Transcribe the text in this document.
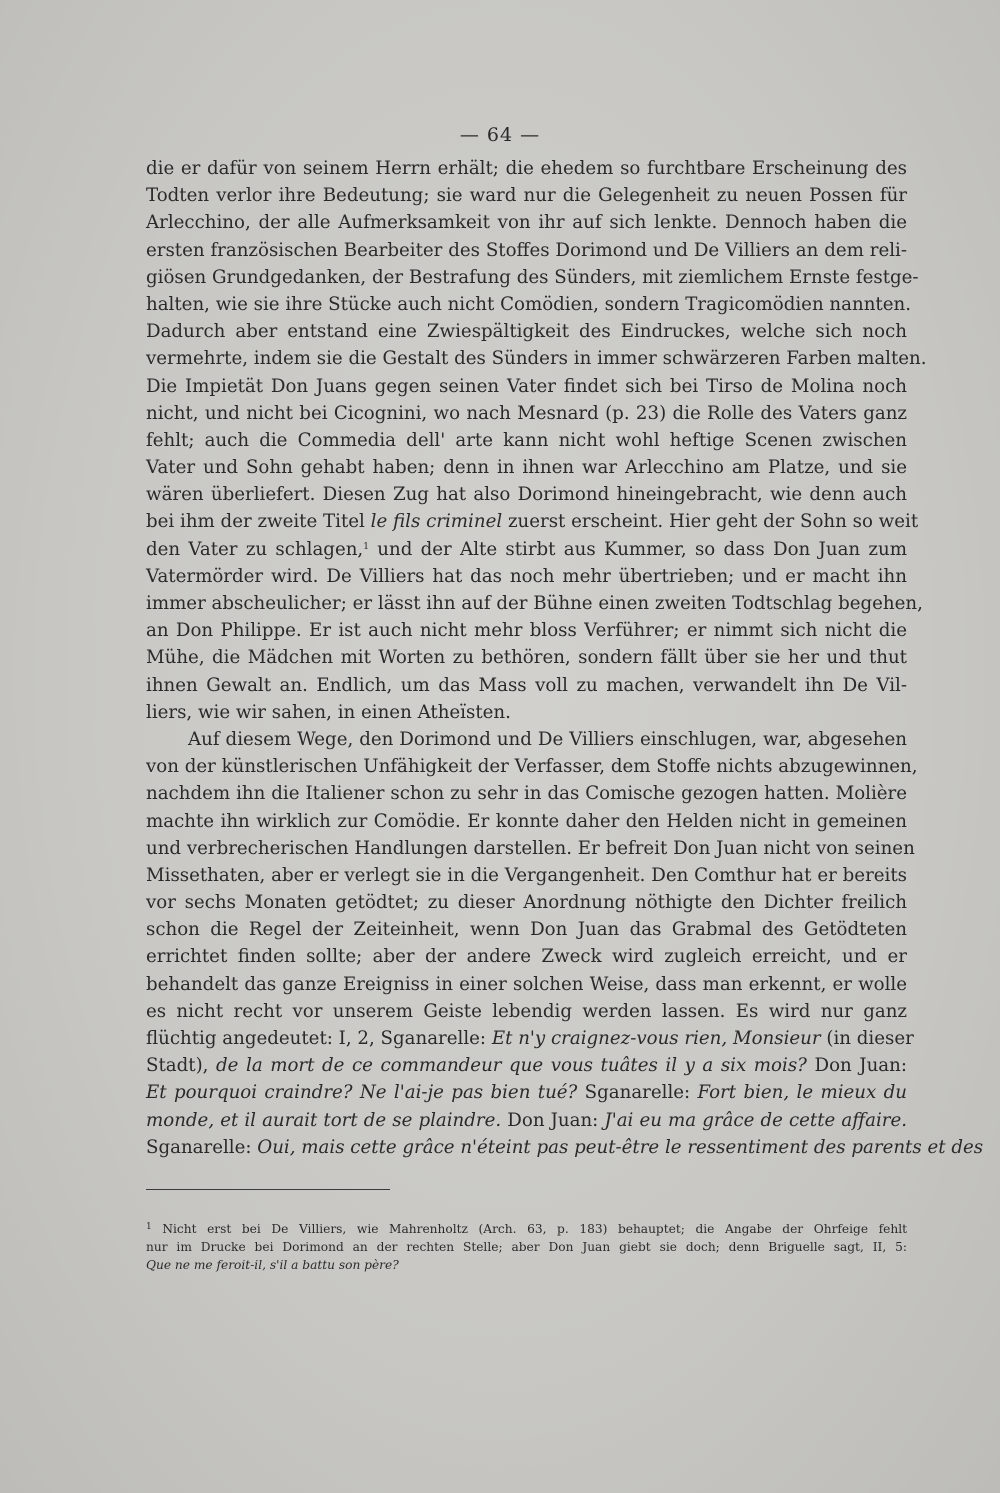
— 64 —
die er dafür von seinem Herrn erhält; die ehedem so furchtbare Erscheinung des
Todten verlor ihre Bedeutung; sie ward nur die Gelegenheit zu neuen Possen für
Arlecchino, der alle Aufmerksamkeit von ihr auf sich lenkte. Dennoch haben die
ersten französischen Bearbeiter des Stoffes Dorimond und De Villiers an dem reli-
giösen Grundgedanken, der Bestrafung des Sünders, mit ziemlichem Ernste festge-
halten, wie sie ihre Stücke auch nicht Comödien, sondern Tragicomödien nannten.
Dadurch aber entstand eine Zwiespältigkeit des Eindruckes, welche sich noch
vermehrte, indem sie die Gestalt des Sünders in immer schwärzeren Farben malten.
Die Impietät Don Juans gegen seinen Vater findet sich bei Tirso de Molina noch
nicht, und nicht bei Cicognini, wo nach Mesnard (p. 23) die Rolle des Vaters ganz
fehlt; auch die Commedia dell' arte kann nicht wohl heftige Scenen zwischen
Vater und Sohn gehabt haben; denn in ihnen war Arlecchino am Platze, und sie
wären überliefert. Diesen Zug hat also Dorimond hineingebracht, wie denn auch
bei ihm der zweite Titel le fils criminel zuerst erscheint. Hier geht der Sohn so weit
den Vater zu schlagen,$^1$ und der Alte stirbt aus Kummer, so dass Don Juan zum
Vatermörder wird. De Villiers hat das noch mehr übertrieben; und er macht ihn
immer abscheulicher; er lässt ihn auf der Bühne einen zweiten Todtschlag begehen,
an Don Philippe. Er ist auch nicht mehr bloss Verführer; er nimmt sich nicht die
Mühe, die Mädchen mit Worten zu bethören, sondern fällt über sie her und thut
ihnen Gewalt an. Endlich, um das Mass voll zu machen, verwandelt ihn De Vil-
liers, wie wir sahen, in einen Atheïsten.
Auf diesem Wege, den Dorimond und De Villiers einschlugen, war, abgesehen
von der künstlerischen Unfähigkeit der Verfasser, dem Stoffe nichts abzugewinnen,
nachdem ihn die Italiener schon zu sehr in das Comische gezogen hatten. Molière
machte ihn wirklich zur Comödie. Er konnte daher den Helden nicht in gemeinen
und verbrecherischen Handlungen darstellen. Er befreit Don Juan nicht von seinen
Missethaten, aber er verlegt sie in die Vergangenheit. Den Comthur hat er bereits
vor sechs Monaten getödtet; zu dieser Anordnung nöthigte den Dichter freilich
schon die Regel der Zeiteinheit, wenn Don Juan das Grabmal des Getödteten
errichtet finden sollte; aber der andere Zweck wird zugleich erreicht, und er
behandelt das ganze Ereigniss in einer solchen Weise, dass man erkennt, er wolle
es nicht recht vor unserem Geiste lebendig werden lassen. Es wird nur ganz
flüchtig angedeutet: I, 2, Sganarelle: Et n'y craignez-vous rien, Monsieur (in dieser
Stadt), de la mort de ce commandeur que vous tuâtes il y a six mois? Don Juan:
Et pourquoi craindre? Ne l'ai-je pas bien tué? Sganarelle: Fort bien, le mieux du
monde, et il aurait tort de se plaindre. Don Juan: J'ai eu ma grâce de cette affaire.
Sganarelle: Oui, mais cette grâce n'éteint pas peut-être le ressentiment des parents et des
$^1$ Nicht erst bei De Villiers, wie Mahrenholtz (Arch. 63, p. 183) behauptet; die Angabe der Ohrfeige fehlt
nur im Drucke bei Dorimond an der rechten Stelle; aber Don Juan giebt sie doch; denn Briguelle sagt, II, 5:
Que ne me feroit-il, s'il a battu son père?
